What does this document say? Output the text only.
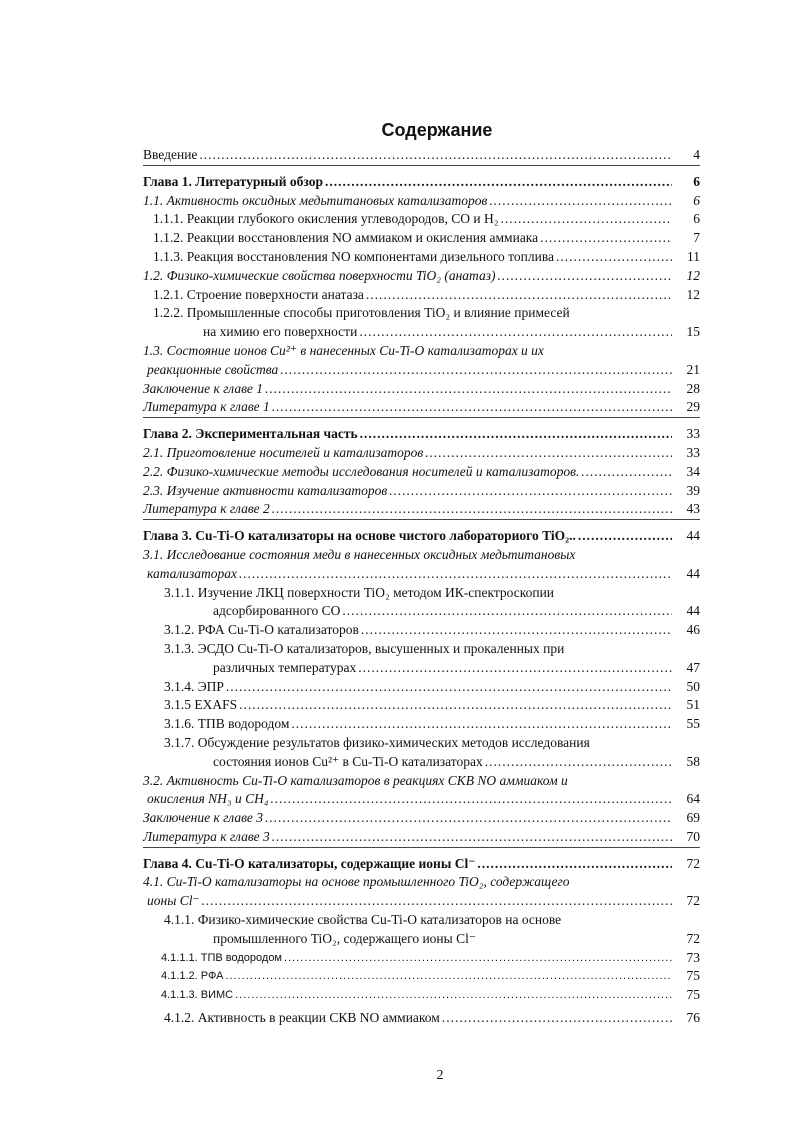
Содержание
Введение .....	4
Глава 1. Литературный обзор .....	6
1.1. Активность оксидных медьтитановых катализаторов .....	6
1.1.1. Реакции глубокого окисления углеводородов, CO и H₂ .....	6
1.1.2. Реакции восстановления NO аммиаком и окисления аммиака .....	7
1.1.3. Реакция восстановления NO компонентами дизельного топлива .....	11
1.2. Физико-химические свойства поверхности TiO₂ (анатаз) .....	12
1.2.1. Строение поверхности анатаза .....	12
1.2.2. Промышленные способы приготовления TiO₂ и влияние примесей
на химию его поверхности .....	15
1.3. Состояние ионов Cu²⁺ в нанесенных Cu-Ti-O катализаторах и их
реакционные свойства .....	21
Заключение к главе 1 .....	28
Литература к главе 1 .....	29
Глава 2. Экспериментальная часть .....	33
2.1. Приготовление носителей и катализаторов .....	33
2.2. Физико-химические методы исследования носителей и катализаторов. .....	34
2.3. Изучение активности катализаторов .....	39
Литература к главе 2 .....	43
Глава 3. Cu-Ti-O катализаторы на основе чистого лабораториого TiO₂.. .....	44
3.1. Исследование состояния меди в нанесенных оксидных медьтитановых
катализаторах .....	44
3.1.1. Изучение ЛКЦ поверхности TiO₂ методом ИК-спектроскопии
адсорбированного CO .....	44
3.1.2. РФА Cu-Ti-O катализаторов .....	46
3.1.3. ЭСДО Cu-Ti-O катализаторов, высушенных и прокаленных при
различных температурах .....	47
3.1.4. ЭПР .....	50
3.1.5 EXAFS .....	51
3.1.6. ТПВ водородом .....	55
3.1.7. Обсуждение результатов физико-химических методов исследования
состояния ионов Cu²⁺ в Cu-Ti-O катализаторах .....	58
3.2. Активность Cu-Ti-O катализаторов в реакциях СКВ NO аммиаком и
окисления NH₃ и CH₄ .....	64
Заключение к главе 3 .....	69
Литература к главе 3 .....	70
Глава 4. Cu-Ti-O катализаторы, содержащие ионы Cl⁻ .....	72
4.1. Cu-Ti-O катализаторы на основе промышленного TiO₂, содержащего
ионы Cl⁻ .....	72
4.1.1. Физико-химические свойства Cu-Ti-O катализаторов на основе
промышленного TiO₂, содержащего ионы Cl⁻	72
4.1.1.1. ТПВ водородом .....	73
4.1.1.2. РФА .....	75
4.1.1.3. ВИМС .....	75
4.1.2. Активность в реакции СКВ NO аммиаком .....	76
2
